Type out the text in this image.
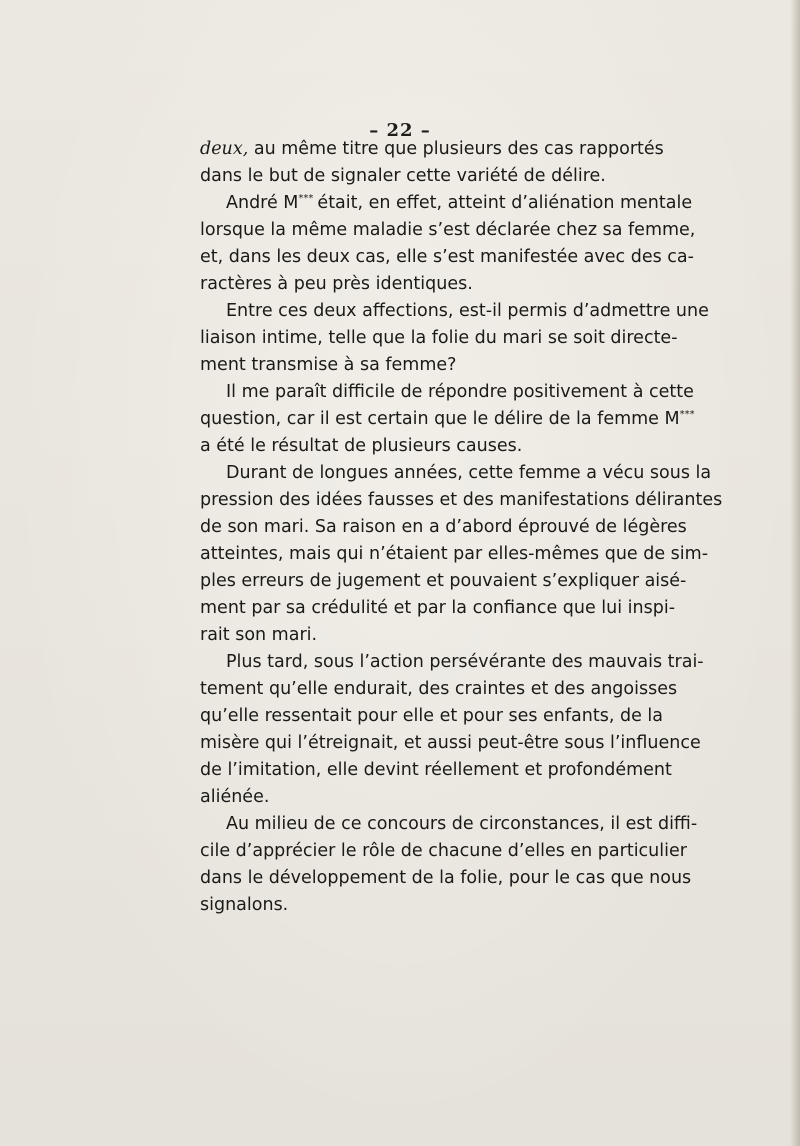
– 22 –
deux, au même titre que plusieurs des cas rapportés
dans le but de signaler cette variété de délire.
André M*** était, en effet, atteint d’aliénation mentale
lorsque la même maladie s’est déclarée chez sa femme,
et, dans les deux cas, elle s’est manifestée avec des ca-
ractères à peu près identiques.
Entre ces deux affections, est-il permis d’admettre une
liaison intime, telle que la folie du mari se soit directe-
ment transmise à sa femme?
Il me paraît difficile de répondre positivement à cette
question, car il est certain que le délire de la femme M***
a été le résultat de plusieurs causes.
Durant de longues années, cette femme a vécu sous la
pression des idées fausses et des manifestations délirantes
de son mari. Sa raison en a d’abord éprouvé de légères
atteintes, mais qui n’étaient par elles-mêmes que de sim-
ples erreurs de jugement et pouvaient s’expliquer aisé-
ment par sa crédulité et par la confiance que lui inspi-
rait son mari.
Plus tard, sous l’action persévérante des mauvais trai-
tement qu’elle endurait, des craintes et des angoisses
qu’elle ressentait pour elle et pour ses enfants, de la
misère qui l’étreignait, et aussi peut-être sous l’influence
de l’imitation, elle devint réellement et profondément
aliénée.
Au milieu de ce concours de circonstances, il est diffi-
cile d’apprécier le rôle de chacune d’elles en particulier
dans le développement de la folie, pour le cas que nous
signalons.
